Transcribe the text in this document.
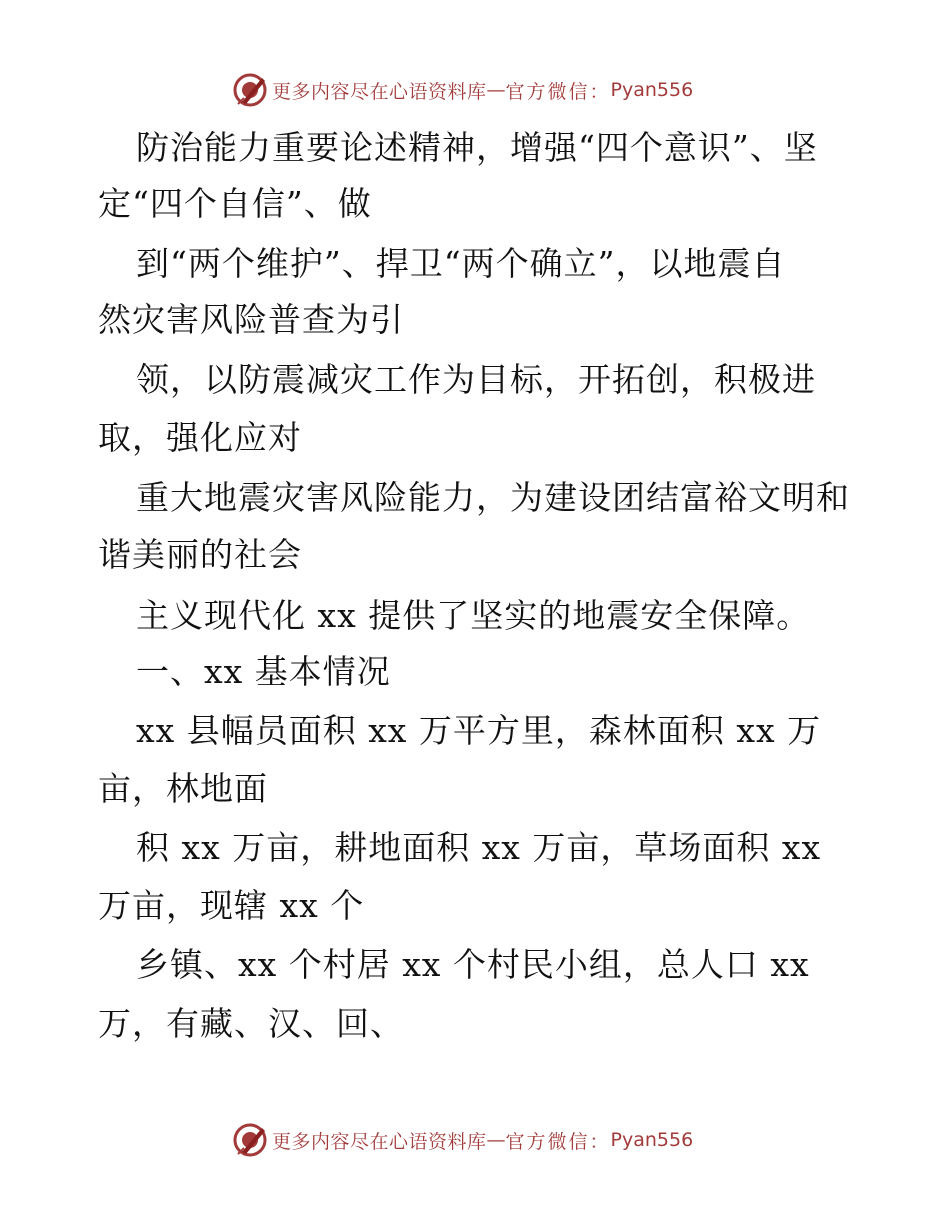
更多内容尽在心语资料库 — 官方微信： Pyan556
防治能力重要论述精神，增强“四个意识”、坚
定“四个自信”、做
到“两个维护”、捍卫“两个确立”，以地震自
然灾害风险普查为引
领，以防震减灾工作为目标，开拓创，积极进
取，强化应对
重大地震灾害风险能力，为建设团结富裕文明和
谐美丽的社会
主义现代化 xx 提供了坚实的地震安全保障。
一、xx 基本情况
xx 县幅员面积 xx 万平方里，森林面积 xx 万
亩，林地面
积 xx 万亩，耕地面积 xx 万亩，草场面积 xx
万亩，现辖 xx 个
乡镇、xx 个村居 xx 个村民小组，总人口 xx
万，有藏、汉、回、
更多内容尽在心语资料库 — 官方微信： Pyan556
